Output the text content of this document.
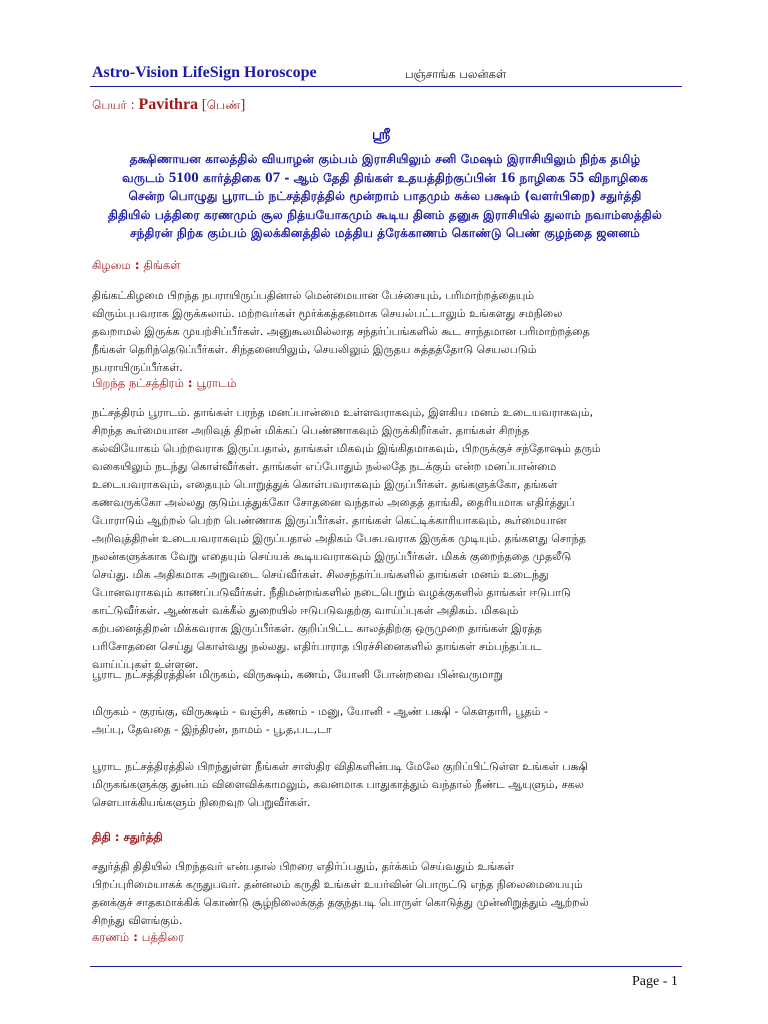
Astro-Vision LifeSign Horoscope	பஞ்சாங்க பலன்கள்
பெயர் : Pavithra [பெண்]
ஸ்ரீ
தக்ஷிணாயன காலத்தில் வியாழன் கும்பம் இராசியிலும் சனி மேஷம் இராசியிலும் நிற்க தமிழ்
வருடம் 5100 கார்த்திகை 07 - ஆம் தேதி திங்கள் உதயத்திற்குப்பின் 16 நாழிகை 55 விநாழிகை
சென்ற பொழுது பூராடம் நட்சத்திரத்தில் மூன்றாம் பாதமும் சுக்ல பக்ஷம் (வளர்பிறை) சதுர்த்தி
திதியில் பத்திரை கரணமும் சூல நித்யயோகமும் கூடிய தினம் தனுசு இராசியில் துலாம் நவாம்ஸத்தில்
சந்திரன் நிற்க கும்பம் இலக்கினத்தில் மத்திய த்ரேக்காணம் கொண்டு பெண் குழந்தை ஜனனம்
கிழமை : திங்கள்
திங்கட்கிழமை பிறந்த நபராயிருப்பதினால் மென்மையான பேச்சையும், பரிமாற்றத்தையும்
விரும்புபவராக இருக்கலாம். மற்றவர்கள் மூர்க்கத்தனமாக செயல்பட்டாலும் உங்களது சமநிலை
தவறாமல் இருக்க முயற்சிப்பீர்கள். அனுகூலமில்லாத சந்தர்ப்பங்களில் கூட சாந்தமான பரிமாற்றத்தை
நீங்கள் தெரிந்தெடுப்பீர்கள். சிந்தனையிலும், செயலிலும் இருதய சுத்தத்தோடு செயலபடும்
நபராயிருப்பீர்கள்.
பிறந்த நட்சத்திரம் : பூராடம்
நட்சத்திரம் பூராடம். தாங்கள் பரந்த மனப்பான்மை உள்ளவராகவும், இளகிய மனம் உடையவராகவும்,
சிறந்த கூர்மையான அறிவுத் திறன் மிக்கப் பெண்ணாகவும் இருக்கிறீர்கள். தாங்கள் சிறந்த
கல்வியோகம் பெற்றவராக இருப்பதால், தாங்கள் மிகவும் இங்கிதமாகவும், பிறருக்குச் சந்தோஷம் தரும்
வகையிலும் நடந்து கொள்வீர்கள். தாங்கள் எப்போதும் நல்லதே நடக்கும் என்ற மனப்பான்மை
உடையவராகவும், எதையும் பொறுத்துக் கொள்பவராகவும் இருப்பீர்கள். தங்களுக்கோ, தங்கள்
கணவருக்கோ அல்லது குடும்பத்துக்கோ சோதனை வந்தால் அதைத் தாங்கி, தைரியமாக எதிர்த்துப்
போராடும் ஆற்றல் பெற்ற பெண்ணாக இருப்பீர்கள். தாங்கள் கெட்டிக்காரியாகவும், கூர்மையான
அறிவுத்திறன் உடையவராகவும் இருப்பதால் அதிகம் பேசுபவராக இருக்க முடியும். தங்களது சொந்த
நலன்களுக்காக வேறு எதையும் செய்யக் கூடியவராகவும் இருப்பீர்கள். மிகக் குறைந்ததை முதலீடு
செய்து. மிக அதிகமாக அறுவடை செய்வீர்கள். சிலசந்தர்ப்பங்களில் தாங்கள் மனம் உடைந்து
போனவராகவும் காணப்படுவீர்கள். நீதிமன்றங்களில் நடைபெறும் வழக்குகளில் தாங்கள் ஈடுபாடு
காட்டுவீர்கள். ஆண்கள் வக்கீல் துறையில் ஈடுபடுவதற்கு வாய்ப்புகள் அதிகம். மிகவும்
கற்பனைத்திறன் மிக்கவராக இருப்பீர்கள். குறிப்பிட்ட காலத்திற்கு ஒருமுறை தாங்கள் இரத்த
பரிசோதனை செய்து கொள்வது நல்லது. எதிர்பாராத பிரச்சினைகளில் தாங்கள் சம்பந்தப்பட
வாய்ப்புகள் உள்ளன.
பூராட நட்சத்திரத்தின் மிருகம், விருக்ஷம், கணம், யோனி போன்றவை பின்வருமாறு
மிருகம் - குரங்கு, விருக்ஷம் - வஞ்சி, கணம் - மனு, யோனி - ஆண் பக்ஷி - கௌதாரி, பூதம் -
அப்பு, தேவதை - இந்திரன், நாமம் - பூ,த,பட,டா
பூராட நட்சத்திரத்தில் பிறந்துள்ள நீங்கள் சாஸ்திர விதிகளின்படி மேலே குறிப்பிட்டுள்ள உங்கள் பக்ஷி
மிருகங்களுக்கு துன்பம் விளைவிக்காமலும், கவனமாக பாதுகாத்தும் வந்தால் நீண்ட ஆயுளும், சகல
சௌபாக்கியங்களும் நிறைவுற பெறுவீர்கள்.
திதி : சதுர்த்தி
சதுர்த்தி திதியில் பிறந்தவர் என்பதால் பிறரை எதிர்ப்பதும், தர்க்கம் செய்வதும் உங்கள்
பிறப்புரிமையாகக் கருதுபவர். தன்னலம் கருதி உங்கள் உயர்வின் பொருட்டு எந்த நிலைமையையும்
தனக்குச் சாதகமாக்கிக் கொண்டு சூழ்நிலைக்குத் தகுந்தபடி பொருள் கொடுத்து முன்னிறுத்தும் ஆற்றல்
சிறந்து விளங்கும்.
கரணம் : பத்திரை
Page - 1
